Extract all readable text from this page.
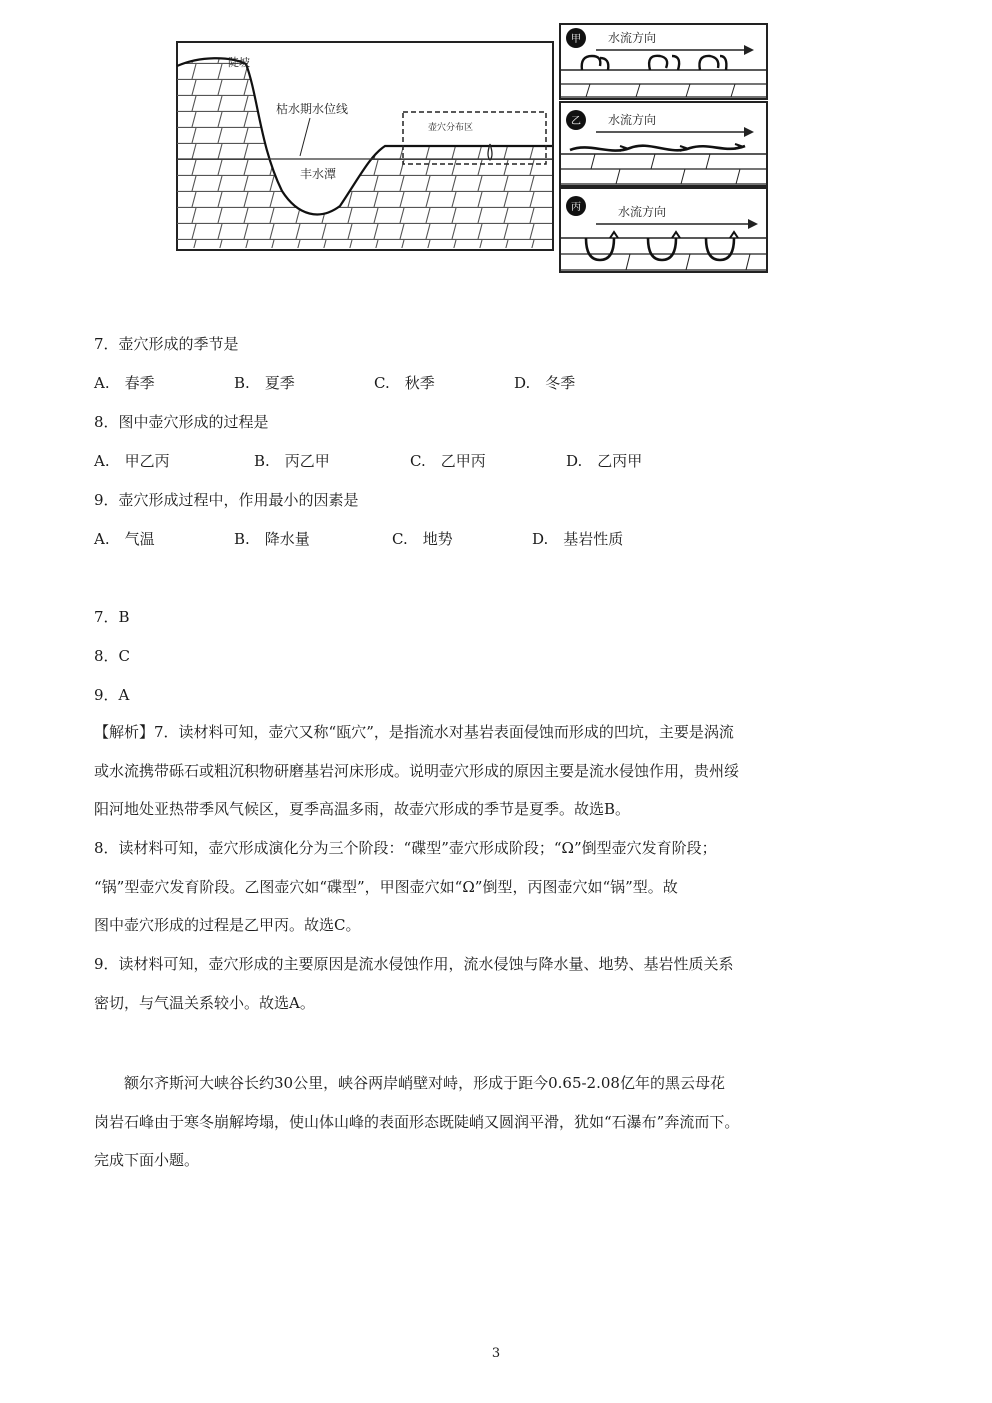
陡坡
枯水期水位线
丰水潭
壶穴分布区
甲 水流方向
乙 水流方向
丙	水流方向
7．壶穴形成的季节是
A.　春季	B.　夏季	C.　秋季	D.　冬季
8．图中壶穴形成的过程是
A.　甲乙丙	B.　丙乙甲	C.　乙甲丙	D.　乙丙甲
9．壶穴形成过程中，作用最小的因素是
A.　气温	B.　降水量	C.　地势	D.　基岩性质
7．B
8．C
9．A
【解析】7．读材料可知，壶穴又称“瓯穴”，是指流水对基岩表面侵蚀而形成的凹坑，主要是涡流
或水流携带砾石或粗沉积物研磨基岩河床形成。说明壶穴形成的原因主要是流水侵蚀作用，贵州绥
阳河地处亚热带季风气候区，夏季高温多雨，故壶穴形成的季节是夏季。故选B。
8．读材料可知，壶穴形成演化分为三个阶段：“碟型”壶穴形成阶段；“Ω”倒型壶穴发育阶段；
“锅”型壶穴发育阶段。乙图壶穴如“碟型”，甲图壶穴如“Ω”倒型，丙图壶穴如“锅”型。故
图中壶穴形成的过程是乙甲丙。故选C。
9．读材料可知，壶穴形成的主要原因是流水侵蚀作用，流水侵蚀与降水量、地势、基岩性质关系
密切，与气温关系较小。故选A。
　　额尔齐斯河大峡谷长约30公里，峡谷两岸峭壁对峙，形成于距今0.65-2.08亿年的黑云母花
岗岩石峰由于寒冬崩解垮塌，使山体山峰的表面形态既陡峭又圆润平滑，犹如“石瀑布”奔流而下。
完成下面小题。
3
